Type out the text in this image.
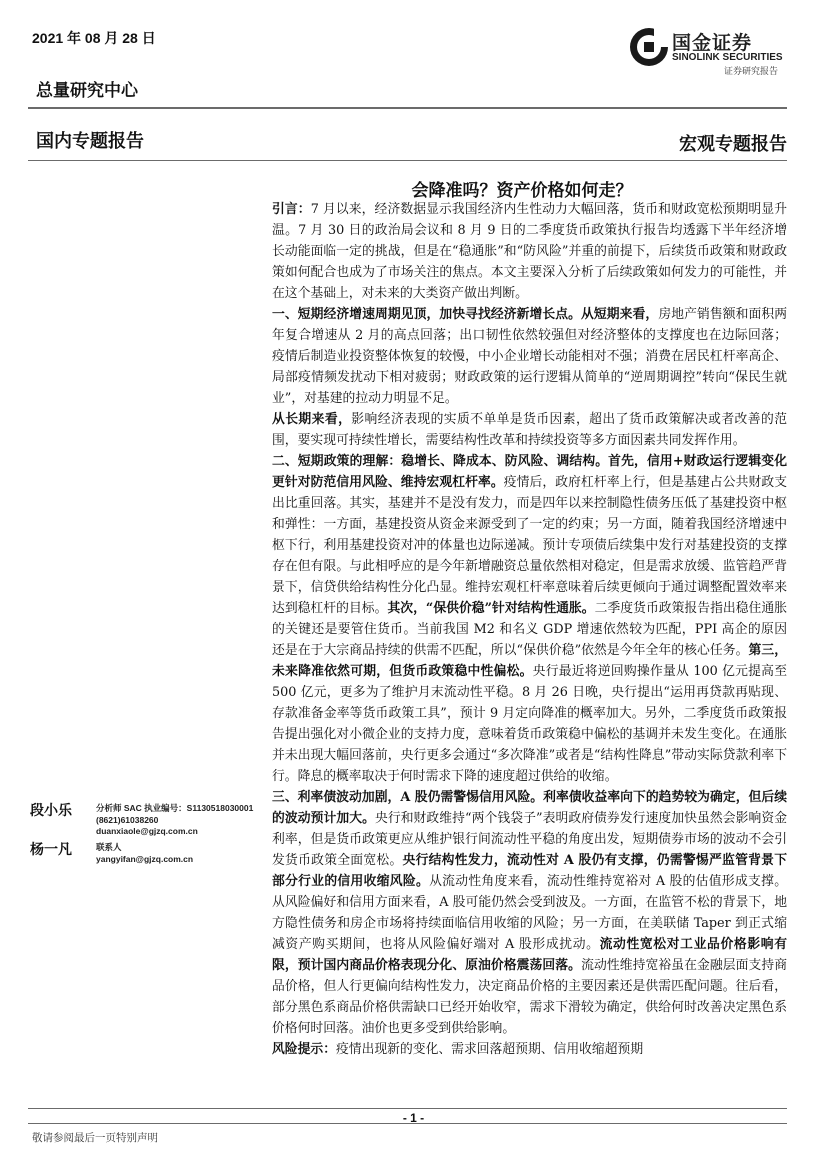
2021 年 08 月 28 日	国金证券
SINOLINK SECURITIES
证券研究报告
总量研究中心
国内专题报告	宏观专题报告
会降准吗？资产价格如何走？

引言：7 月以来，经济数据显示我国经济内生性动力大幅回落，货币和财政宽松预期明显升温。7 月 30 日的政治局会议和 8 月 9 日的二季度货币政策执行报告均透露下半年经济增长动能面临一定的挑战，但是在“稳通胀”和“防风险”并重的前提下，后续货币政策和财政政策如何配合也成为了市场关注的焦点。本文主要深入分析了后续政策如何发力的可能性，并在这个基础上，对未来的大类资产做出判断。

一、短期经济增速周期见顶，加快寻找经济新增长点。从短期来看，房地产销售额和面积两年复合增速从 2 月的高点回落；出口韧性依然较强但对经济整体的支撑度也在边际回落；疫情后制造业投资整体恢复的较慢，中小企业增长动能相对不强；消费在居民杠杆率高企、局部疫情频发扰动下相对疲弱；财政政策的运行逻辑从简单的“逆周期调控”转向“保民生就业”，对基建的拉动力明显不足。

从长期来看，影响经济表现的实质不单单是货币因素，超出了货币政策解决或者改善的范围，要实现可持续性增长，需要结构性改革和持续投资等多方面因素共同发挥作用。

二、短期政策的理解：稳增长、降成本、防风险、调结构。首先，信用+财政运行逻辑变化更针对防范信用风险、维持宏观杠杆率。疫情后，政府杠杆率上行，但是基建占公共财政支出比重回落。其实，基建并不是没有发力，而是四年以来控制隐性债务压低了基建投资中枢和弹性：一方面，基建投资从资金来源受到了一定的约束；另一方面，随着我国经济增速中枢下行，利用基建投资对冲的体量也边际递减。预计专项债后续集中发行对基建投资的支撑存在但有限。与此相呼应的是今年新增融资总量依然相对稳定，但是需求放缓、监管趋严背景下，信贷供给结构性分化凸显。维持宏观杠杆率意味着后续更倾向于通过调整配置效率来达到稳杠杆的目标。其次，“保供价稳”针对结构性通胀。二季度货币政策报告指出稳住通胀的关键还是要管住货币。当前我国 M2 和名义 GDP 增速依然较为匹配，PPI 高企的原因还是在于大宗商品持续的供需不匹配，所以“保供价稳”依然是今年全年的核心任务。第三，未来降准依然可期，但货币政策稳中性偏松。央行最近将逆回购操作量从 100 亿元提高至 500 亿元，更多为了维护月末流动性平稳。8 月 26 日晚，央行提出“运用再贷款再贴现、存款准备金率等货币政策工具”，预计 9 月定向降准的概率加大。另外，二季度货币政策报告提出强化对小微企业的支持力度，意味着货币政策稳中偏松的基调并未发生变化。在通胀并未出现大幅回落前，央行更多会通过“多次降准”或者是“结构性降息”带动实际贷款利率下行。降息的概率取决于何时需求下降的速度超过供给的收缩。

三、利率债波动加剧，A 股仍需警惕信用风险。利率债收益率向下的趋势较为确定，但后续的波动预计加大。央行和财政维持“两个钱袋子”表明政府债券发行速度加快虽然会影响资金利率，但是货币政策更应从维护银行间流动性平稳的角度出发，短期债券市场的波动不会引发货币政策全面宽松。央行结构性发力，流动性对 A 股仍有支撑，仍需警惕严监管背景下部分行业的信用收缩风险。从流动性角度来看，流动性维持宽裕对 A 股的估值形成支撑。从风险偏好和信用方面来看，A 股可能仍然会受到波及。一方面，在监管不松的背景下，地方隐性债务和房企市场将持续面临信用收缩的风险；另一方面，在美联储 Taper 到正式缩减资产购买期间，也将从风险偏好端对 A 股形成扰动。流动性宽松对工业品价格影响有限，预计国内商品价格表现分化、原油价格震荡回落。流动性维持宽裕虽在金融层面支持商品价格，但人行更偏向结构性发力，决定商品价格的主要因素还是供需匹配问题。往后看，部分黑色系商品价格供需缺口已经开始收窄，需求下滑较为确定，供给何时改善决定黑色系价格何时回落。油价也更多受到供给影响。

风险提示：疫情出现新的变化、需求回落超预期、信用收缩超预期

段小乐	分析师 SAC 执业编号：S1130518030001
(8621)61038260
duanxiaole@gjzq.com.cn
杨一凡	联系人
yangyifan@gjzq.com.cn
- 1 -
敬请参阅最后一页特别声明
